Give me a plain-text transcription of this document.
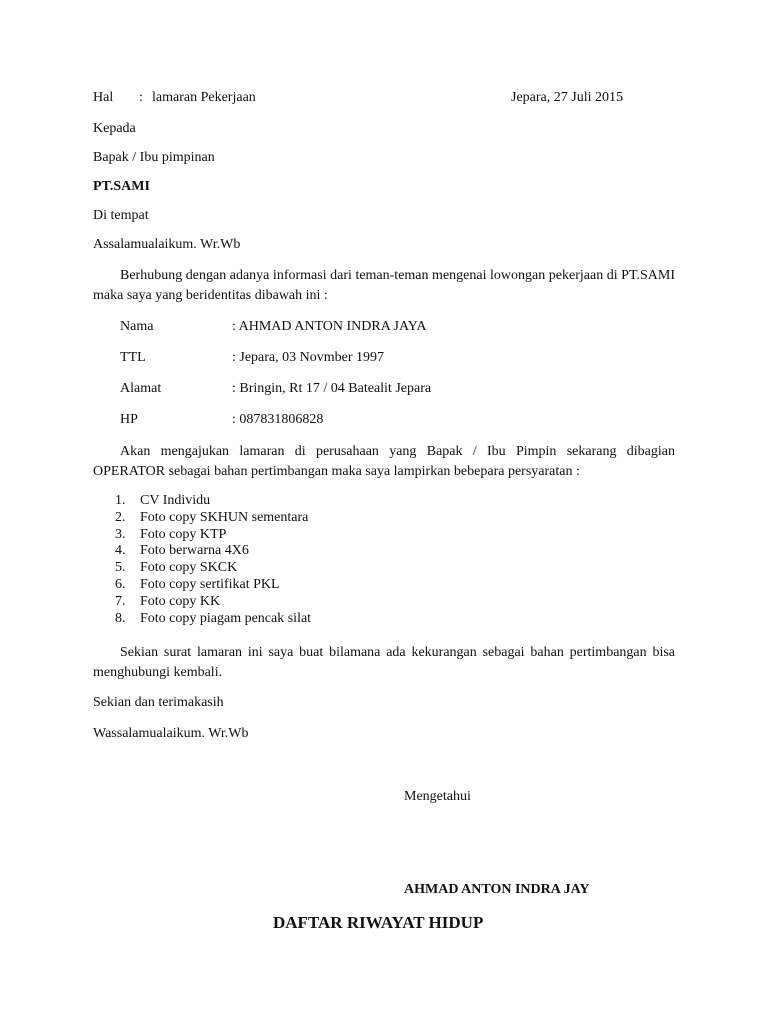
Hal : lamaran Pekerjaan	Jepara, 27 Juli 2015
Kepada
Bapak / Ibu pimpinan
PT.SAMI
Di tempat
Assalamualaikum. Wr.Wb
Berhubung dengan adanya informasi dari teman-teman mengenai lowongan pekerjaan di PT.SAMI maka saya yang beridentitas dibawah ini :
Nama	: AHMAD ANTON INDRA JAYA
TTL	: Jepara, 03 Novmber 1997
Alamat	: Bringin, Rt 17 / 04 Batealit Jepara
HP	: 087831806828
Akan mengajukan lamaran di perusahaan yang Bapak / Ibu Pimpin sekarang dibagian OPERATOR sebagai bahan pertimbangan maka saya lampirkan bebepara persyaratan :
1. CV Individu
2. Foto copy SKHUN sementara
3. Foto copy KTP
4. Foto berwarna 4X6
5. Foto copy SKCK
6. Foto copy sertifikat PKL
7. Foto copy KK
8. Foto copy piagam pencak silat
Sekian surat lamaran ini saya buat bilamana ada kekurangan sebagai bahan pertimbangan bisa menghubungi kembali.
Sekian dan terimakasih
Wassalamualaikum. Wr.Wb
Mengetahui
AHMAD ANTON INDRA JAY
DAFTAR RIWAYAT HIDUP
